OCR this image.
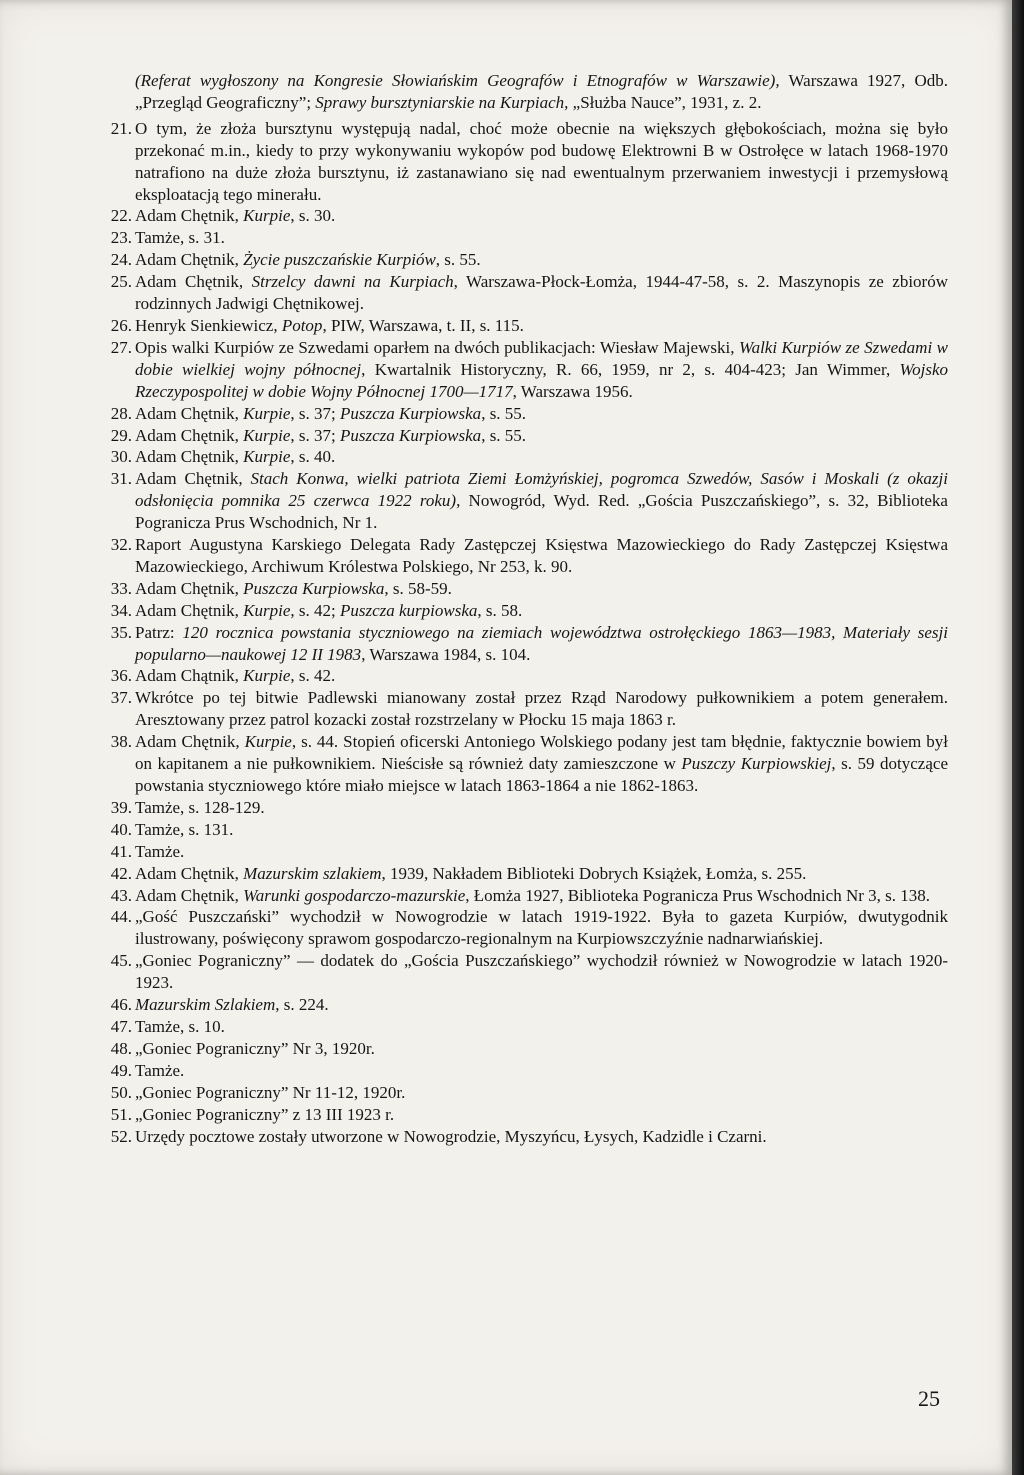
(Referat wygłoszony na Kongresie Słowiańskim Geografów i Etnografów w Warszawie), Warszawa 1927, Odb. „Przegląd Geograficzny”; Sprawy bursztyniarskie na Kurpiach, „Służba Nauce”, 1931, z. 2.
21. O tym, że złoża bursztynu występują nadal, choć może obecnie na większych głębokościach, można się było przekonać m.in., kiedy to przy wykonywaniu wykopów pod budowę Elektrowni B w Ostrołęce w latach 1968-1970 natrafiono na duże złoża bursztynu, iż zastanawiano się nad ewentualnym przerwaniem inwestycji i przemysłową eksploatacją tego minerału.
22. Adam Chętnik, Kurpie, s. 30.
23. Tamże, s. 31.
24. Adam Chętnik, Życie puszczańskie Kurpiów, s. 55.
25. Adam Chętnik, Strzelcy dawni na Kurpiach, Warszawa-Płock-Łomża, 1944-47-58, s. 2. Maszynopis ze zbiorów rodzinnych Jadwigi Chętnikowej.
26. Henryk Sienkiewicz, Potop, PIW, Warszawa, t. II, s. 115.
27. Opis walki Kurpiów ze Szwedami oparłem na dwóch publikacjach: Wiesław Majewski, Walki Kurpiów ze Szwedami w dobie wielkiej wojny północnej, Kwartalnik Historyczny, R. 66, 1959, nr 2, s. 404-423; Jan Wimmer, Wojsko Rzeczypospolitej w dobie Wojny Północnej 1700—1717, Warszawa 1956.
28. Adam Chętnik, Kurpie, s. 37; Puszcza Kurpiowska, s. 55.
29. Adam Chętnik, Kurpie, s. 37; Puszcza Kurpiowska, s. 55.
30. Adam Chętnik, Kurpie, s. 40.
31. Adam Chętnik, Stach Konwa, wielki patriota Ziemi Łomżyńskiej, pogromca Szwedów, Sasów i Moskali (z okazji odsłonięcia pomnika 25 czerwca 1922 roku), Nowogród, Wyd. Red. „Gościa Puszczańskiego”, s. 32, Biblioteka Pogranicza Prus Wschodnich, Nr 1.
32. Raport Augustyna Karskiego Delegata Rady Zastępczej Księstwa Mazowieckiego do Rady Zastępczej Księstwa Mazowieckiego, Archiwum Królestwa Polskiego, Nr 253, k. 90.
33. Adam Chętnik, Puszcza Kurpiowska, s. 58-59.
34. Adam Chętnik, Kurpie, s. 42; Puszcza kurpiowska, s. 58.
35. Patrz: 120 rocznica powstania styczniowego na ziemiach województwa ostrołęckiego 1863—1983, Materiały sesji popularno—naukowej 12 II 1983, Warszawa 1984, s. 104.
36. Adam Chątnik, Kurpie, s. 42.
37. Wkrótce po tej bitwie Padlewski mianowany został przez Rząd Narodowy pułkownikiem a potem generałem. Aresztowany przez patrol kozacki został rozstrzelany w Płocku 15 maja 1863 r.
38. Adam Chętnik, Kurpie, s. 44. Stopień oficerski Antoniego Wolskiego podany jest tam błędnie, faktycznie bowiem był on kapitanem a nie pułkownikiem. Nieścisłe są również daty zamieszczone w Puszczy Kurpiowskiej, s. 59 dotyczące powstania styczniowego które miało miejsce w latach 1863-1864 a nie 1862-1863.
39. Tamże, s. 128-129.
40. Tamże, s. 131.
41. Tamże.
42. Adam Chętnik, Mazurskim szlakiem, 1939, Nakładem Biblioteki Dobrych Książek, Łomża, s. 255.
43. Adam Chętnik, Warunki gospodarczo-mazurskie, Łomża 1927, Biblioteka Pogranicza Prus Wschodnich Nr 3, s. 138.
44. „Gość Puszczański” wychodził w Nowogrodzie w latach 1919-1922. Była to gazeta Kurpiów, dwutygodnik ilustrowany, poświęcony sprawom gospodarczo-regionalnym na Kurpiowszczyźnie nadnarwiańskiej.
45. „Goniec Pograniczny” — dodatek do „Gościa Puszczańskiego” wychodził również w Nowogrodzie w latach 1920-1923.
46. Mazurskim Szlakiem, s. 224.
47. Tamże, s. 10.
48. „Goniec Pograniczny” Nr 3, 1920r.
49. Tamże.
50. „Goniec Pograniczny” Nr 11-12, 1920r.
51. „Goniec Pograniczny” z 13 III 1923 r.
52. Urzędy pocztowe zostały utworzone w Nowogrodzie, Myszyńcu, Łysych, Kadzidle i Czarni.
25
